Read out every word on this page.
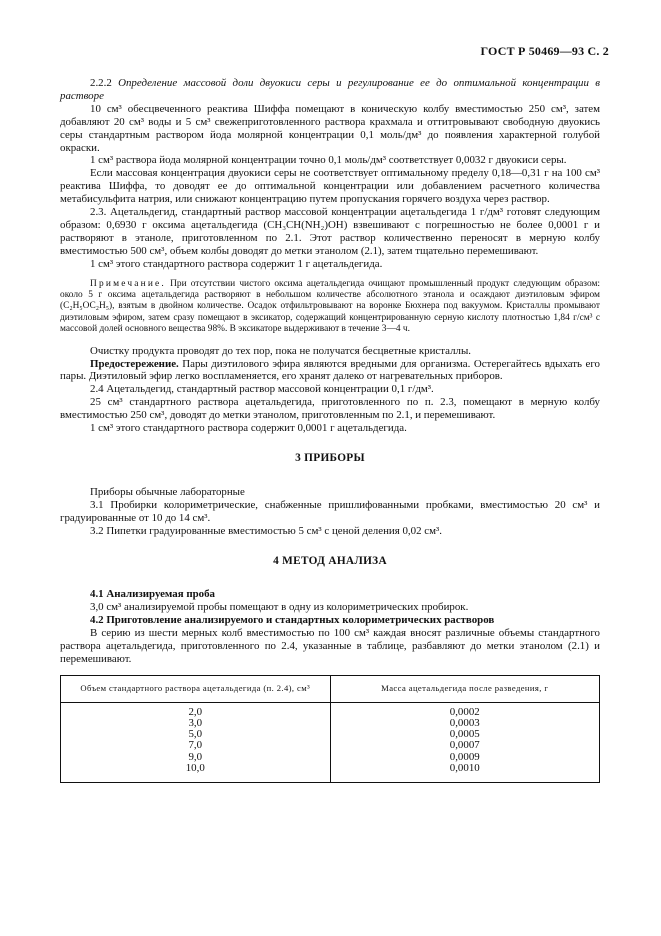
ГОСТ Р 50469—93 С. 2

2.2.2 Определение массовой доли двуокиси серы и регулирование ее до оптимальной концентрации в растворе

10 см³ обесцвеченного реактива Шиффа помещают в коническую колбу вместимостью 250 см³, затем добавляют 20 см³ воды и 5 см³ свежеприготовленного раствора крахмала и оттитровывают свободную двуокись серы стандартным раствором йода молярной концентрации 0,1 моль/дм³ до появления характерной голубой окраски.

1 см³ раствора йода молярной концентрации точно 0,1 моль/дм³ соответствует 0,0032 г двуокиси серы.

Если массовая концентрация двуокиси серы не соответствует оптимальному пределу 0,18—0,31 г на 100 см³ реактива Шиффа, то доводят ее до оптимальной концентрации или добавлением расчетного количества метабисульфита натрия, или снижают концентрацию путем пропускания горячего воздуха через раствор.

2.3. Ацетальдегид, стандартный раствор массовой концентрации ацетальдегида 1 г/дм³ готовят следующим образом: 0,6930 г оксима ацетальдегида (CH₃CH(NH₂)OH) взвешивают с погрешностью не более 0,0001 г и растворяют в этаноле, приготовленном по 2.1. Этот раствор количественно переносят в мерную колбу вместимостью 500 см³, объем колбы доводят до метки этанолом (2.1), затем тщательно перемешивают.

1 см³ этого стандартного раствора содержит 1 г ацетальдегида.

Примечание. При отсутствии чистого оксима ацетальдегида очищают промышленный продукт следующим образом: около 5 г оксима ацетальдегида растворяют в небольшом количестве абсолютного этанола и осаждают диэтиловым эфиром (C₂H₅OC₂H₅), взятым в двойном количестве. Осадок отфильтровывают на воронке Бюхнера под вакуумом. Кристаллы промывают диэтиловым эфиром, затем сразу помещают в эксикатор, содержащий концентрированную серную кислоту плотностью 1,84 г/см³ с массовой долей основного вещества 98%. В эксикаторе выдерживают в течение 3—4 ч.

Очистку продукта проводят до тех пор, пока не получатся бесцветные кристаллы.

Предостережение. Пары диэтилового эфира являются вредными для организма. Остерегайтесь вдыхать его пары. Диэтиловый эфир легко воспламеняется, его хранят далеко от нагревательных приборов.

2.4 Ацетальдегид, стандартный раствор массовой концентрации 0,1 г/дм³.

25 см³ стандартного раствора ацетальдегида, приготовленного по п. 2.3, помещают в мерную колбу вместимостью 250 см³, доводят до метки этанолом, приготовленным по 2.1, и перемешивают.

1 см³ этого стандартного раствора содержит 0,0001 г ацетальдегида.

3 ПРИБОРЫ

Приборы обычные лабораторные

3.1 Пробирки колориметрические, снабженные пришлифованными пробками, вместимостью 20 см³ и градуированные от 10 до 14 см³.

3.2 Пипетки градуированные вместимостью 5 см³ с ценой деления 0,02 см³.

4 МЕТОД АНАЛИЗА

4.1 Анализируемая проба

3,0 см³ анализируемой пробы помещают в одну из колориметрических пробирок.

4.2 Приготовление анализируемого и стандартных колориметрических растворов

В серию из шести мерных колб вместимостью по 100 см³ каждая вносят различные объемы стандартного раствора ацетальдегида, приготовленного по 2.4, указанные в таблице, разбавляют до метки этанолом (2.1) и перемешивают.

Объем стандартного раствора ацетальдегида (п. 2.4), см³	Масса ацетальдегида после разведения, г
2,0	0,0002
3,0	0,0003
5,0	0,0005
7,0	0,0007
9,0	0,0009
10,0	0,0010
